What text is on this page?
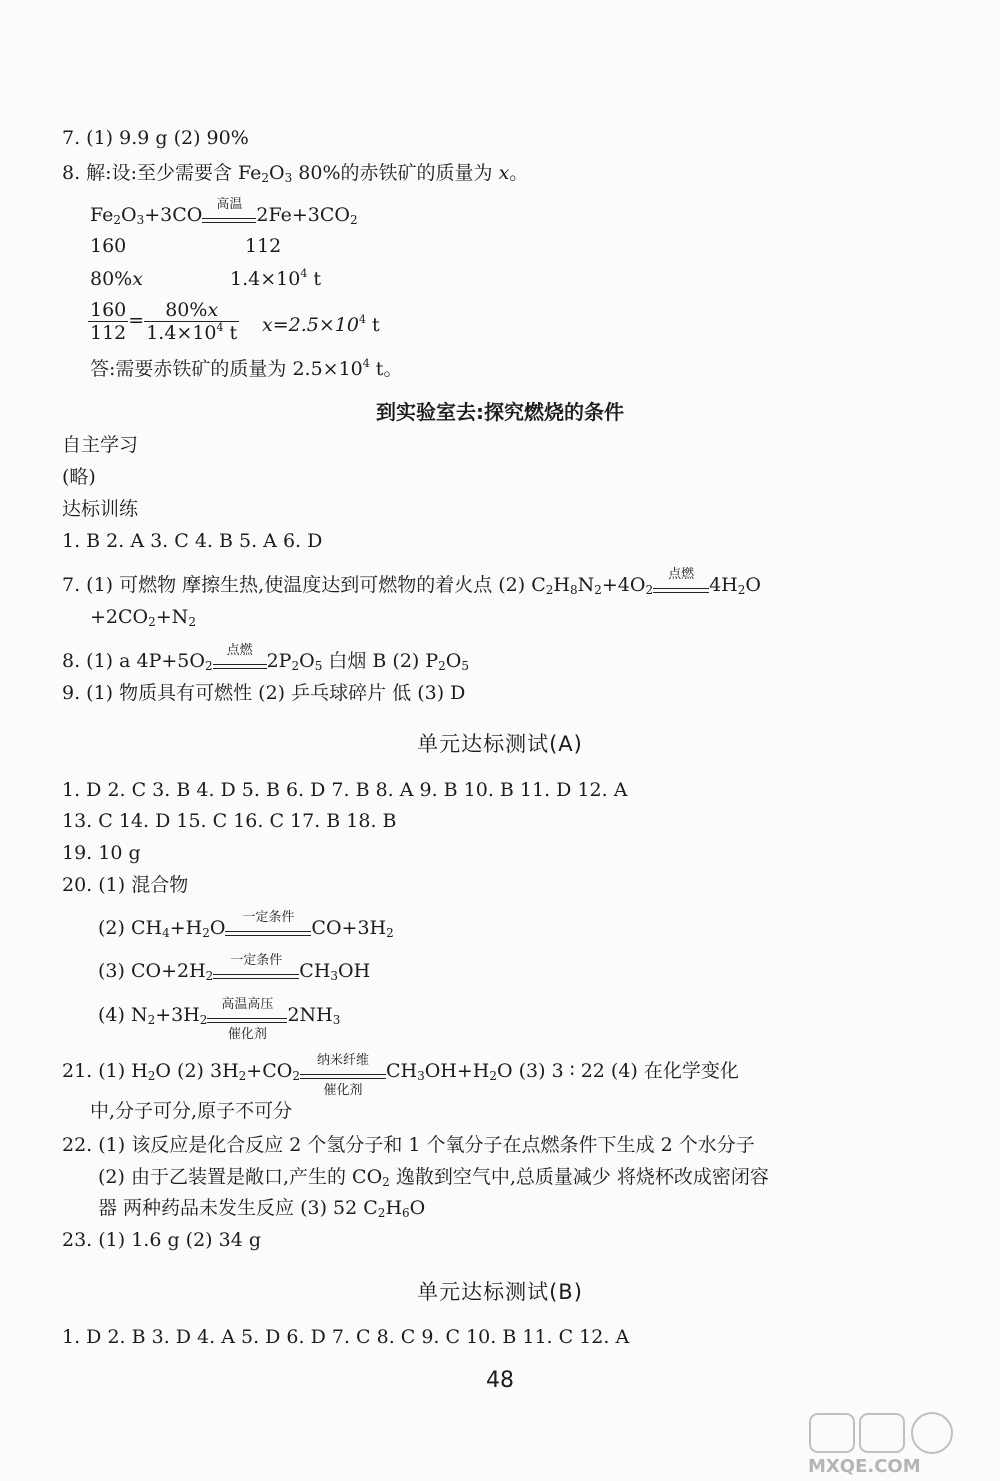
7. (1) 9.9 g (2) 90%
8. 解:设:至少需要含 $Fe_2O_3$ 80%的赤铁矿的质量为 x。
$Fe_2O_3+3CO$	高温 $2Fe+3CO_2$
160	112
80%x	$1.4\times 10^4$ t
$\frac{160}{112} = \frac{80\%x}{1.4\times 10^4 t} x=2.5\times 10^4$ t
答:需要赤铁矿的质量为 $2.5\times 10^4$ t。
到实验室去:探究燃烧的条件
自主学习
(略)
达标训练
1. B 2. A 3. C 4. B 5. A 6. D
7. (1) 可燃物 摩擦生热,使温度达到可燃物的着火点 (2) $C_2H_8N_2+4O_2$
点燃 $4H_2O$
$+2CO_2+N_2$
8. (1) a $4P+5O_2$
点燃 $2P_2O_5$ 白烟 B (2) $P_2O_5$
9. (1) 物质具有可燃性 (2) 乒乓球碎片 低 (3) D
单元达标测试(A)
1. D 2. C 3. B 4. D 5. B 6. D 7. B 8. A 9. B 10. B 11. D 12. A
13. C 14. D 15. C 16. C 17. B 18. B
19. 10 g
20. (1) 混合物
(2) $CH_4+H_2O$	一定条件 $CO+3H_2$
(3) $CO+2H_2$
一定条件 $CH_3OH$
(4) $N_2+3H_2$
高温高压
催化剂
$2NH_3$
21. (1) $H_2O$ (2) $3H_2+CO_2$
纳米纤维
催化剂
$CH_3OH+H_2O$ (3) 3 ∶ 22 (4) 在化学变化
中,分子可分,原子不可分
22. (1) 该反应是化合反应 2 个氢分子和 1 个氧分子在点燃条件下生成 2 个水分子
(2) 由于乙装置是敞口,产生的 $CO_2$ 逸散到空气中,总质量减少 将烧杯改成密闭容
器 两种药品未发生反应 (3) 52 $C_2H_6O$
23. (1) 1.6 g (2) 34 g
单元达标测试(B)
1. D 2. B 3. D 4. A 5. D 6. D 7. C 8. C 9. C 10. B 11. C 12. A
48
MXQE.COM
